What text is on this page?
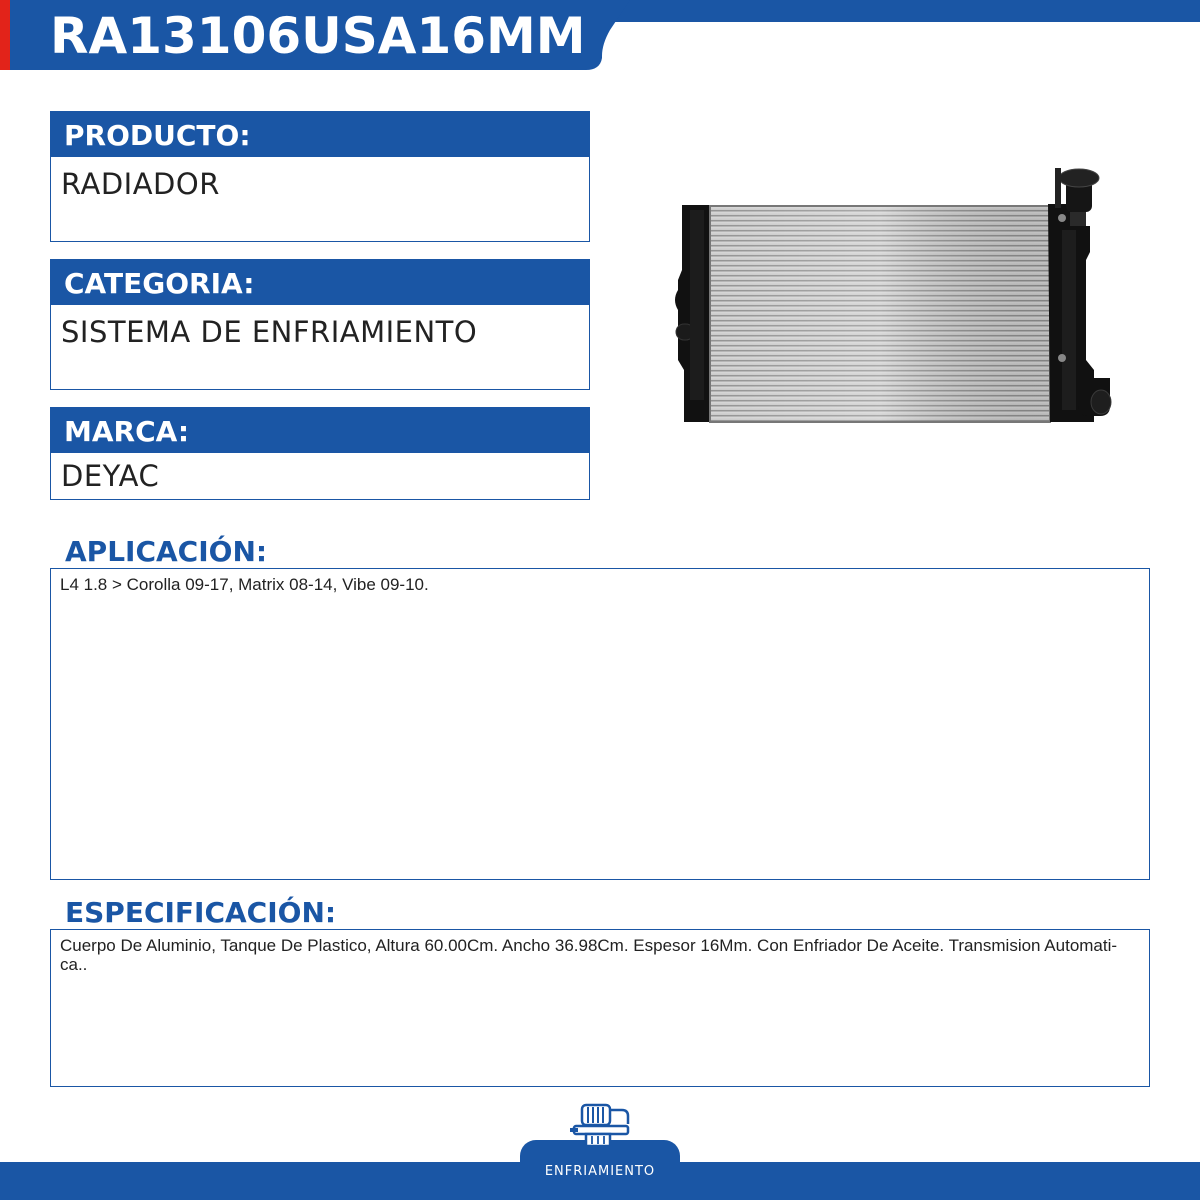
RA13106USA16MM
PRODUCTO:
RADIADOR
CATEGORIA:
SISTEMA DE ENFRIAMIENTO
MARCA:
DEYAC
APLICACIÓN:
L4 1.8 > Corolla 09-17, Matrix 08-14, Vibe 09-10.
ESPECIFICACIÓN:
Cuerpo De Aluminio, Tanque De Plastico, Altura 60.00Cm. Ancho 36.98Cm. Espesor 16Mm. Con Enfriador De Aceite. Transmision Automati-ca..
ENFRIAMIENTO
